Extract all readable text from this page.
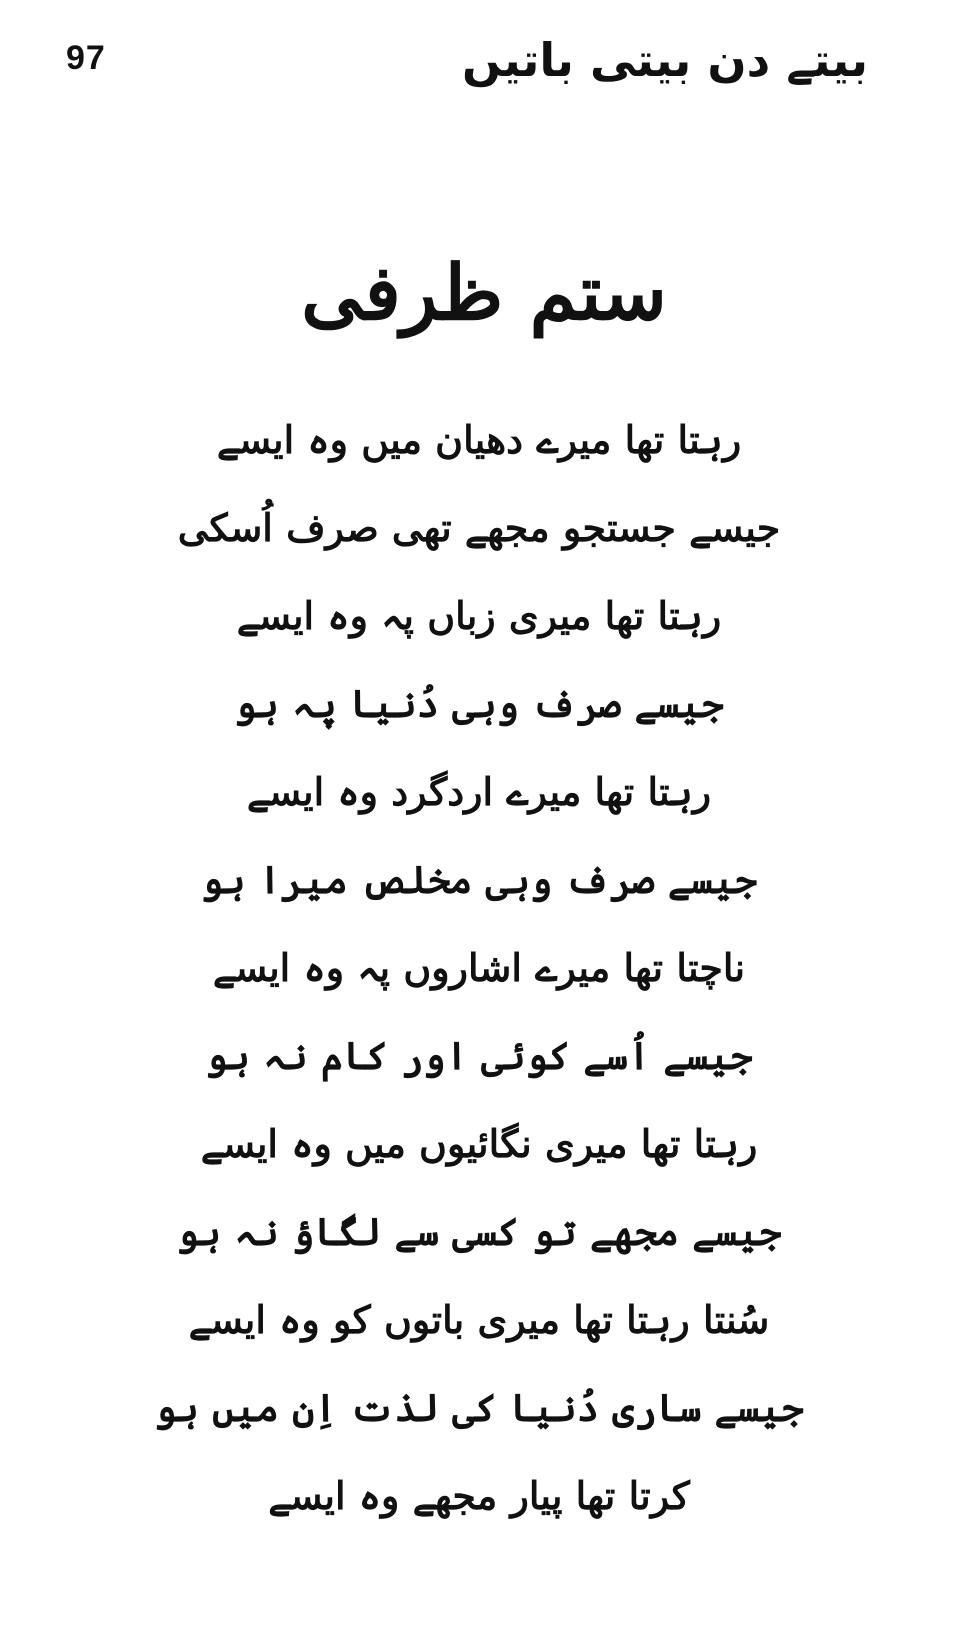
97	بیتے دن بیتی باتیں
ستم ظرفی
رہتا تھا میرے دھیان میں وہ ایسے
جیسے جستجو مجھے تھی صرف اُسکی
رہتا تھا میری زباں پہ وہ ایسے
جیسے صرف وہی دُنیا پہ ہو
رہتا تھا میرے اردگرد وہ ایسے
جیسے صرف وہی مخلص میرا ہو
ناچتا تھا میرے اشاروں پہ وہ ایسے
جیسے اُسے کوئی اور کام نہ ہو
رہتا تھا میری نگائیوں میں وہ ایسے
جیسے مجھے تو کسی سے لگاؤ نہ ہو
سُنتا رہتا تھا میری باتوں کو وہ ایسے
جیسے ساری دُنیا کی لذت اِن میں ہو
کرتا تھا پیار مجھے وہ ایسے
